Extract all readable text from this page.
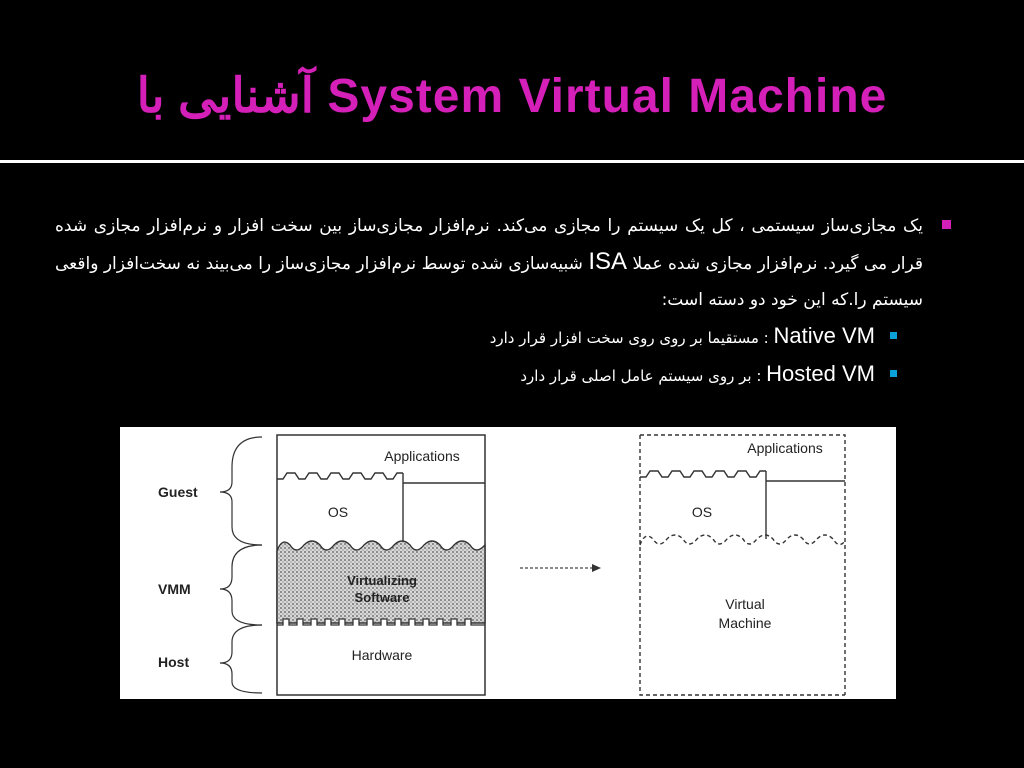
آشنایی با System Virtual Machine

یک مجازی‌ساز سیستمی ، کل یک سیستم را مجازی می‌کند. نرم‌افزار مجازی‌ساز بین سخت افزار و نرم‌افزار مجازی شده قرار می گیرد. نرم‌افزار مجازی شده عملا ISA شبیه‌سازی شده توسط نرم‌افزار مجازی‌ساز را می‌بیند نه سخت‌افزار واقعی سیستم را.که این خود دو دسته است:

Native VM : مستقیما بر روی روی سخت افزار قرار دارد

Hosted VM : بر روی سیستم عامل اصلی قرار دارد

Guest
VMM
Host
Applications
OS
Virtualizing
Software
Hardware
Applications
OS
Virtual
Machine
